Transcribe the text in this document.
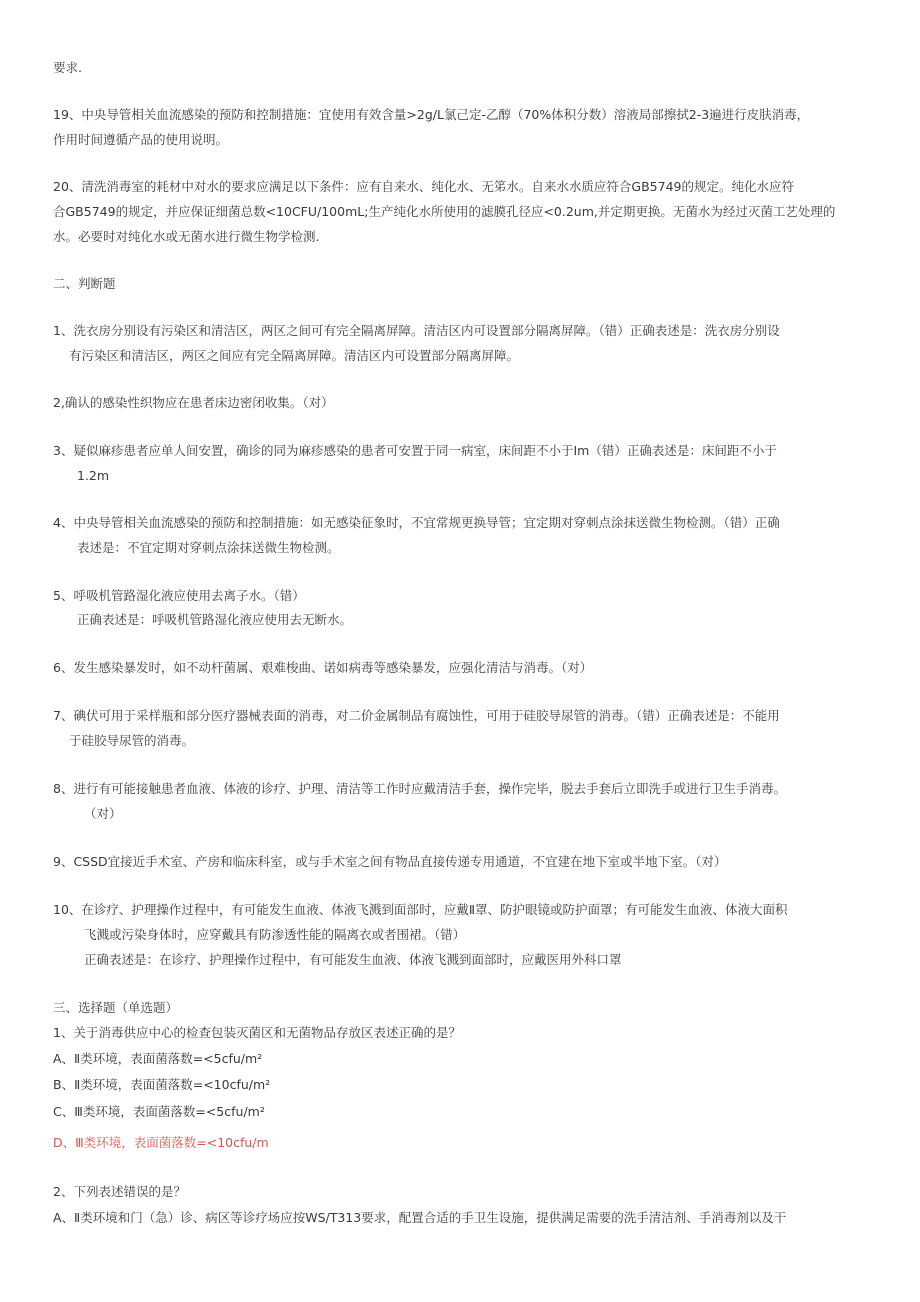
要求.
19、中央导管相关血流感染的预防和控制措施：宜使用有效含量>2g/L氯己定-乙醇（70%体积分数）溶液局部擦拭2-3遍进行皮肤消毒，
作用时间遵循产品的使用说明。
20、清洗消毒室的耗材中对水的要求应满足以下条件：应有自来水、纯化水、无笫水。自来水水质应符合GB5749的规定。纯化水应符
合GB5749的规定，并应保证细菌总数<10CFU/100mL;生产纯化水所使用的滤膜孔径应<0.2um,并定期更换。无菌水为经过灭菌工艺处理的
水。必要时对纯化水或无菌水进行微生物学检测.
二、判断题
1、洗衣房分别设有污染区和清洁区，两区之间可有完全隔离屏障。清洁区内可设置部分隔离屏障。（错）正确表述是：洗衣房分别设
有污染区和清洁区，两区之间应有完全隔离屏障。清洁区内可设置部分隔离屏障。
2,确认的感染性织物应在患者床边密闭收集。（对）
3、疑似麻疹患者应单人间安置，确诊的同为麻疹感染的患者可安置于同一病室，床间距不小于Im（错）正确表述是：床间距不小于
1.2m
4、中央导管相关血流感染的预防和控制措施：如无感染征象时，不宜常规更换导管；宜定期对穿刺点涂抹送微生物检测。（错）正确
表述是：不宜定期对穿刺点涂抹送微生物检测。
5、呼吸机管路湿化液应使用去离子水。（错）
正确表述是：呼吸机管路湿化液应使用去无断水。
6、发生感染暴发时，如不动杆菌属、艰难梭曲、诺如病毒等感染暴发，应强化清洁与消毒。（对）
7、碘伏可用于采样瓶和部分医疗器械表面的消毒，对二价金属制品有腐蚀性，可用于硅胶导尿管的消毒。（错）正确表述是：不能用
于硅胶导尿管的消毒。
8、进行有可能接触患者血液、体液的诊疗、护理、清洁等工作时应戴清洁手套，操作完毕，脱去手套后立即洗手或进行卫生手消毒。
（对）
9、CSSD宜接近手术室、产房和临床科室，或与手术室之间有物品直接传递专用通道，不宜建在地下室或半地下室。（对）
10、在诊疗、护理操作过程中，有可能发生血液、体液飞溅到面部时，应戴Ⅱ罩、防护眼镜或防护面罩；有可能发生血液、体液大面积
飞溅或污染身体时，应穿戴具有防渗透性能的隔离衣或者围裙。（错）
正确表述是：在诊疗、护理操作过程中，有可能发生血液、体液飞溅到面部时，应戴医用外科口罩
三、选择题（单选题）
1、关于消毒供应中心的检查包装灭菌区和无菌物品存放区表述正确的是？
A、Ⅱ类环境，表面菌落数=<5cfu/m²
B、Ⅱ类环境，表面菌落数=<10cfu/m²
C、Ⅲ类环境，表面菌落数=<5cfu/m²
D、Ⅲ类环境，表面菌落数=<10cfu/m
2、下列表述错误的是？
A、Ⅱ类环境和门（急）诊、病区等诊疗场应按WS/T313要求，配置合适的手卫生设施，提供满足需要的洗手清洁剂、手消毒剂以及干
